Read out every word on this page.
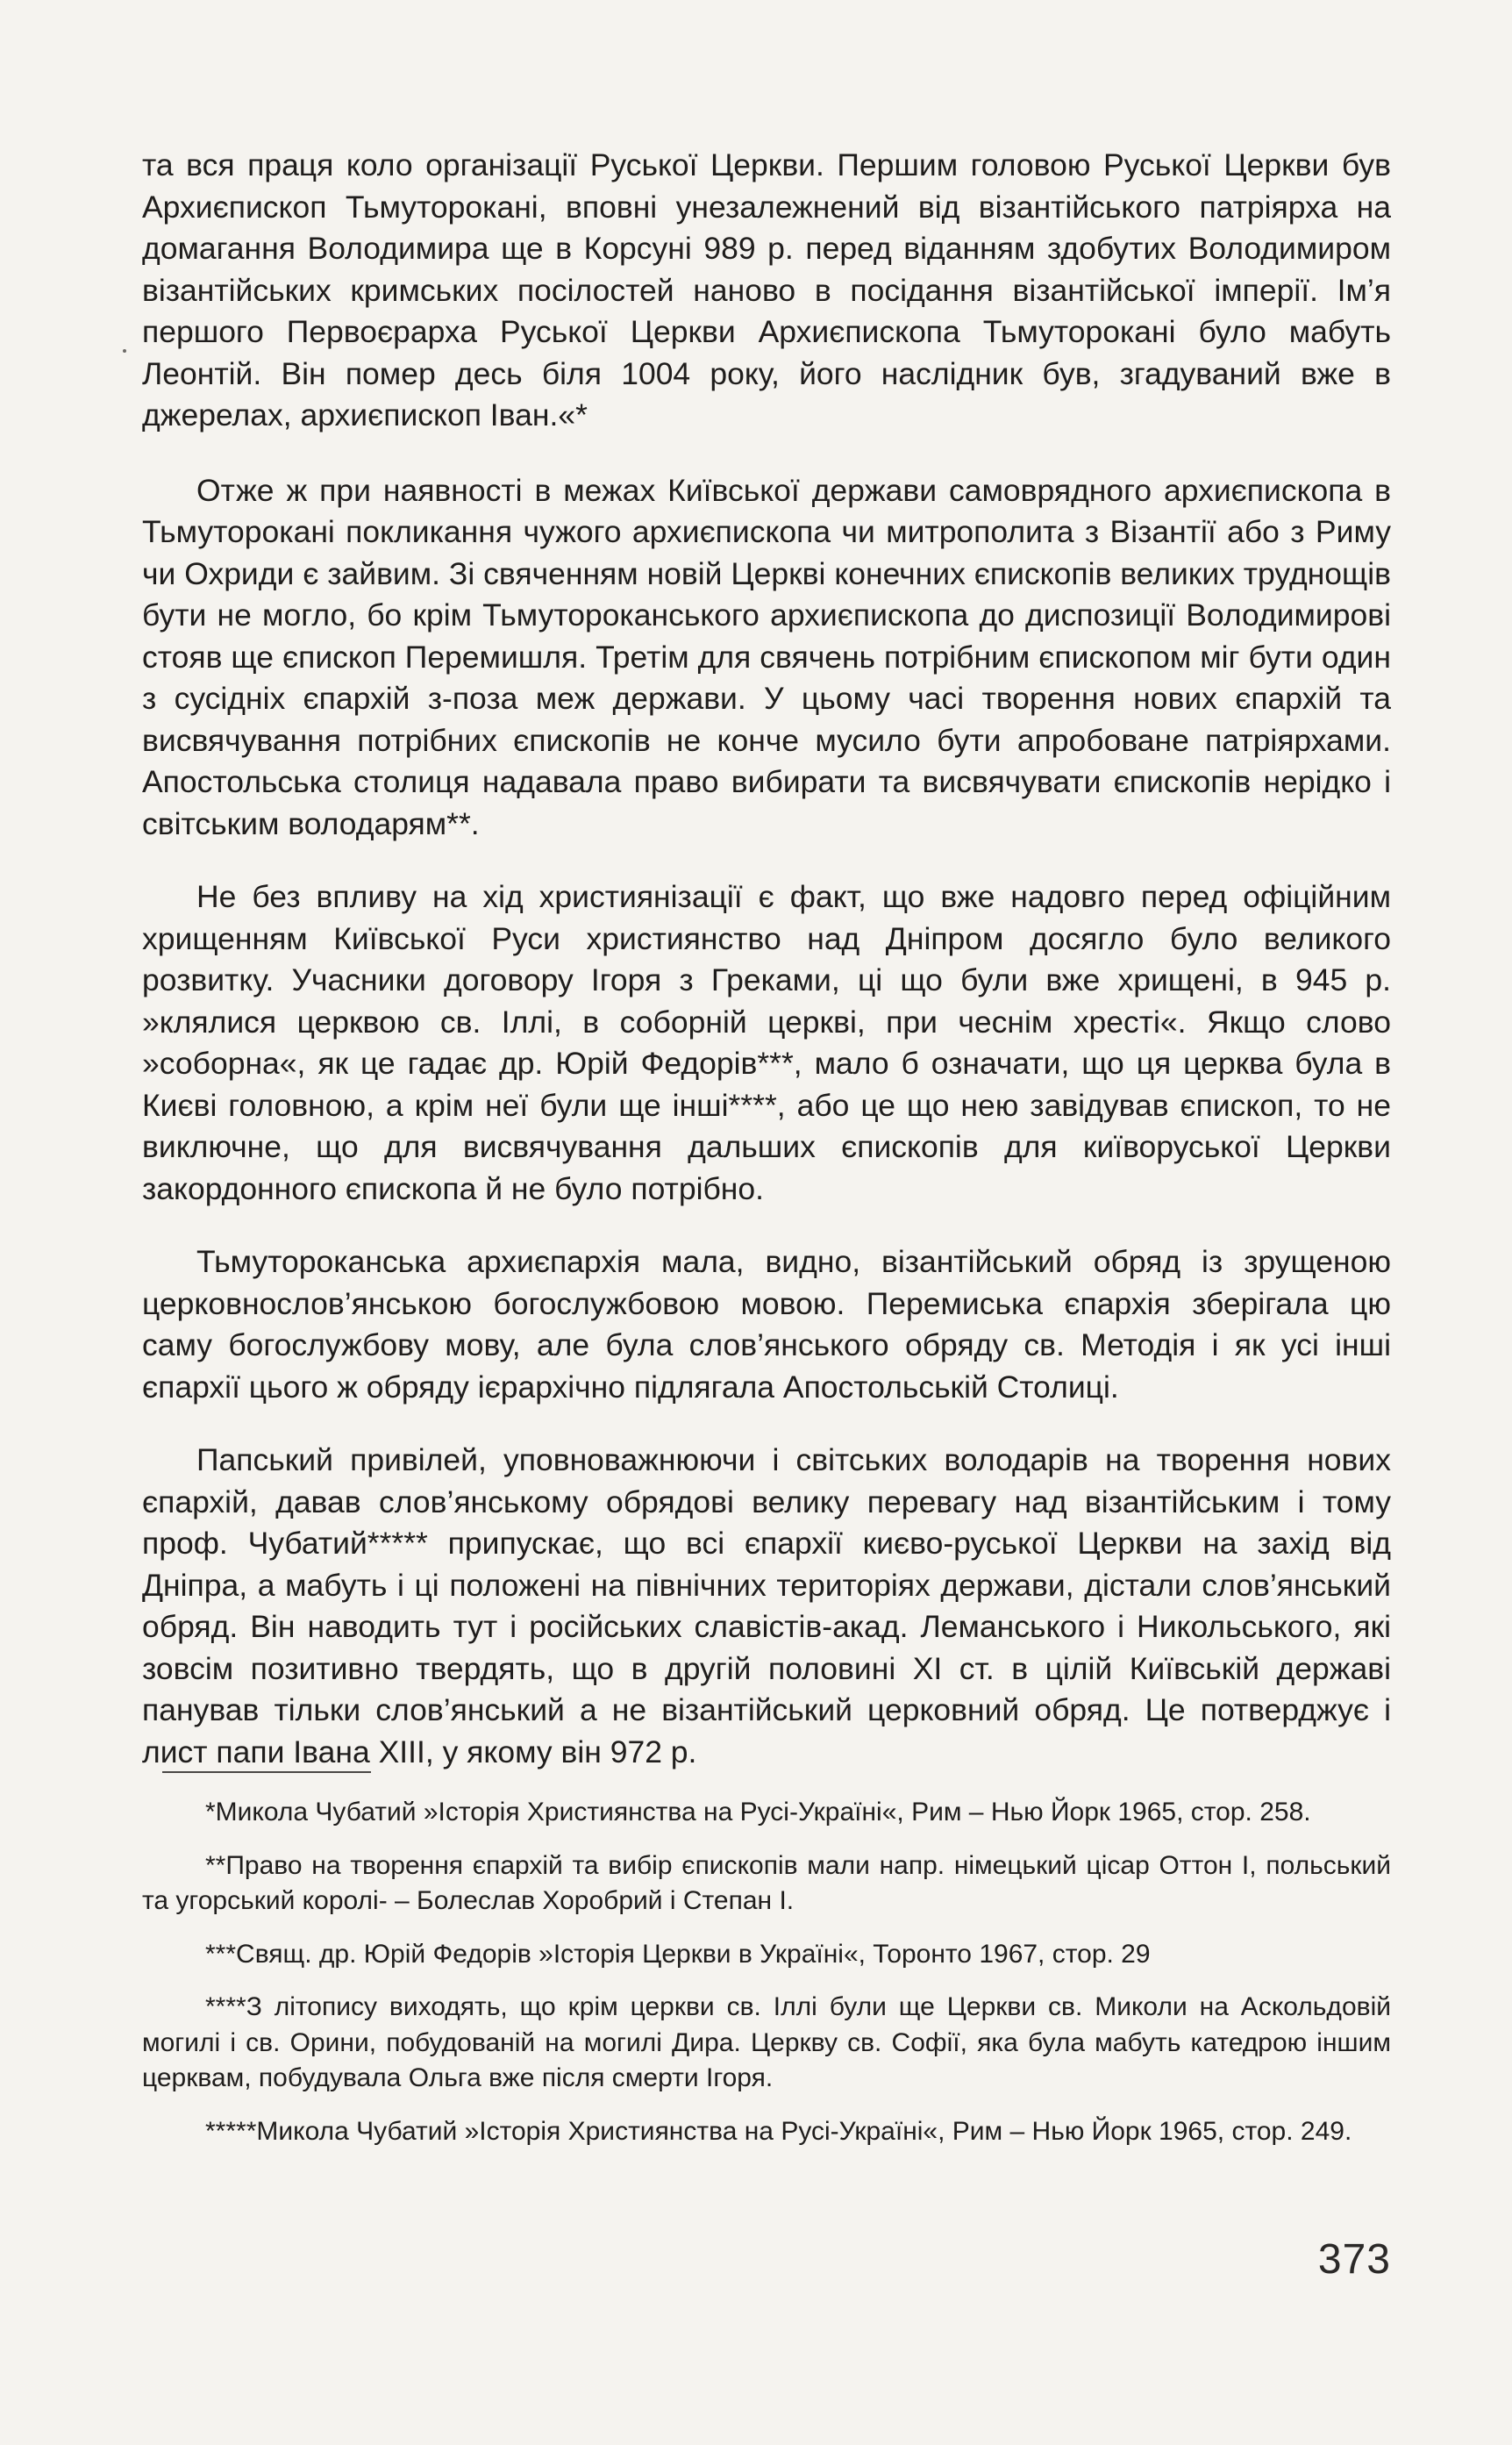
та вся праця коло організації Руської Церкви. Першим головою Руської Церкви був Архиєпископ Тьмуторокані, вповні унезалежнений від візантійського патріярха на домагання Володимира ще в Корсуні 989 р. перед віданням здобутих Володимиром візантійських кримських посілостей наново в посідання візантійської імперії. Ім’я першого Первоєрарха Руської Церкви Архиєпископа Тьмуторокані було мабуть Леонтій. Він помер десь біля 1004 року, його наслідник був, згадуваний вже в джерелах, архиєпископ Іван.«*

Отже ж при наявності в межах Київської держави самоврядного архиєпископа в Тьмуторокані покликання чужого архиєпископа чи митрополита з Візантії або з Риму чи Охриди є зайвим. Зі свяченням новій Церкві конечних єпископів великих труднощів бути не могло, бо крім Тьмутороканського архиєпископа до диспозиції Володимирові стояв ще єпископ Перемишля. Третім для свячень потрібним єпископом міг бути один з сусідніх єпархій з-поза меж держави. У цьому часі творення нових єпархій та висвячування потрібних єпископів не конче мусило бути апробоване патріярхами. Апостольська столиця надавала право вибирати та висвячувати єпископів нерідко і світським володарям**.

Не без впливу на хід християнізації є факт, що вже надовго перед офіційним хрищенням Київської Руси християнство над Дніпром досягло було великого розвитку. Учасники договору Ігоря з Греками, ці що були вже хрищені, в 945 р. »клялися церквою св. Іллі, в соборній церкві, при чеснім хресті«. Якщо слово »соборна«, як це гадає др. Юрій Федорів***, мало б означати, що ця церква була в Києві головною, а крім неї були ще інші****, або це що нею завідував єпископ, то не виключне, що для висвячування дальших єпископів для київоруської Церкви закордонного єпископа й не було потрібно.

Тьмутороканська архиєпархія мала, видно, візантійський обряд із зрущеною церковнослов’янською богослужбовою мовою. Перемиська єпархія зберігала цю саму богослужбову мову, але була слов’янського обряду св. Методія і як усі інші єпархії цього ж обряду ієрархічно підлягала Апостольській Столиці.

Папський привілей, уповноважнюючи і світських володарів на творення нових єпархій, давав слов’янському обрядові велику перевагу над візантійським і тому проф. Чубатий***** припускає, що всі єпархії києво-руської Церкви на захід від Дніпра, а мабуть і ці положені на північних територіях держави, дістали слов’янський обряд. Він наводить тут і російських славістів-акад. Леманського і Никольського, які зовсім позитивно твердять, що в другій половині XI ст. в цілій Київській державі панував тільки слов’янський а не візантійський церковний обряд. Це потверджує і лист папи Івана XIII, у якому він 972 р.

*Микола Чубатий »Історія Християнства на Русі-Україні«, Рим – Нью Йорк 1965, стор. 258.

**Право на творення єпархій та вибір єпископів мали напр. німецький цісар Оттон I, польський та угорський королі- – Болеслав Хоробрий і Степан I.

***Свящ. др. Юрій Федорів »Історія Церкви в Україні«, Торонто 1967, стор. 29

****З літопису виходять, що крім церкви св. Іллі були ще Церкви св. Миколи на Аскольдовій могилі і св. Орини, побудованій на могилі Дира. Церкву св. Софії, яка була мабуть катедрою іншим церквам, побудувала Ольга вже після смерти Ігоря.

*****Микола Чубатий »Історія Християнства на Русі-Україні«, Рим – Нью Йорк 1965, стор. 249.

373
